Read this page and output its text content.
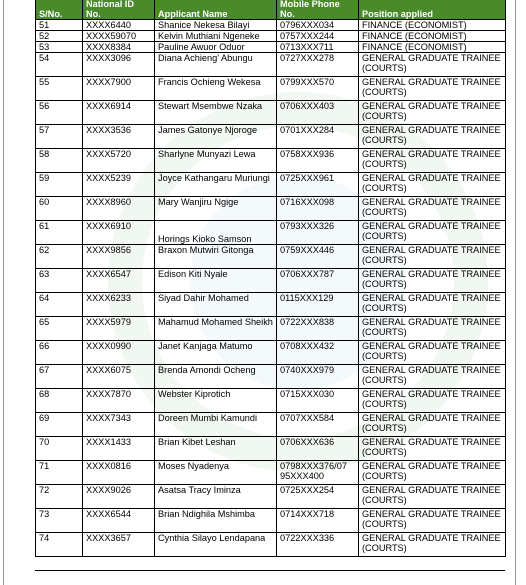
S/No.	National ID No.	Applicant Name	Mobile Phone No.	Position applied
51	XXXX6440	Shanice Nekesa Bilayi	0796XXX034	FINANCE (ECONOMIST)
52	XXXX59070	Kelvin Muthiani Ngeneke	0757XXX244	FINANCE (ECONOMIST)
53	XXXX8384	Pauline Awuor Oduor	0713XXX711	FINANCE (ECONOMIST)
54	XXXX3096	Diana Achieng' Abungu	0727XXX278	GENERAL GRADUATE TRAINEE (COURTS)
55	XXXX7900	Francis Ochieng Wekesa	0799XXX570	GENERAL GRADUATE TRAINEE (COURTS)
56	XXXX6914	Stewart Msembwe Nzaka	0706XXX403	GENERAL GRADUATE TRAINEE (COURTS)
57	XXXX3536	James Gatonye Njoroge	0701XXX284	GENERAL GRADUATE TRAINEE (COURTS)
58	XXXX5720	Sharlyne Munyazi Lewa	0758XXX936	GENERAL GRADUATE TRAINEE (COURTS)
59	XXXX5239	Joyce Kathangaru Muriungi	0725XXX961	GENERAL GRADUATE TRAINEE (COURTS)
60	XXXX8960	Mary Wanjiru Ngige	0716XXX098	GENERAL GRADUATE TRAINEE (COURTS)
61	XXXX6910	Horings Kioko Samson	0793XXX326	GENERAL GRADUATE TRAINEE (COURTS)
62	XXXX9856	Braxon Mutwiri Gitonga	0759XXX446	GENERAL GRADUATE TRAINEE (COURTS)
63	XXXX6547	Edison Kiti Nyale	0706XXX787	GENERAL GRADUATE TRAINEE (COURTS)
64	XXXX6233	Siyad Dahir Mohamed	0115XXX129	GENERAL GRADUATE TRAINEE (COURTS)
65	XXXX5979	Mahamud Mohamed Sheikh	0722XXX838	GENERAL GRADUATE TRAINEE (COURTS)
66	XXXX0990	Janet Kanjaga Matumo	0708XXX432	GENERAL GRADUATE TRAINEE (COURTS)
67	XXXX6075	Brenda Amondi Ocheng	0740XXX979	GENERAL GRADUATE TRAINEE (COURTS)
68	XXXX7870	Webster Kiprotich	0715XXX030	GENERAL GRADUATE TRAINEE (COURTS)
69	XXXX7343	Doreen Mumbi Kamundi	0707XXX584	GENERAL GRADUATE TRAINEE (COURTS)
70	XXXX1433	Brian Kibet Leshan	0706XXX636	GENERAL GRADUATE TRAINEE (COURTS)
71	XXXX0816	Moses Nyadenya	0798XXX376/07 95XXX400	GENERAL GRADUATE TRAINEE (COURTS)
72	XXXX9026	Asatsa Tracy Iminza	0725XXX254	GENERAL GRADUATE TRAINEE (COURTS)
73	XXXX6544	Brian Ndighila Mshimba	0714XXX718	GENERAL GRADUATE TRAINEE (COURTS)
74	XXXX3657	Cynthia Silayo Lendapana	0722XXX336	GENERAL GRADUATE TRAINEE (COURTS)
